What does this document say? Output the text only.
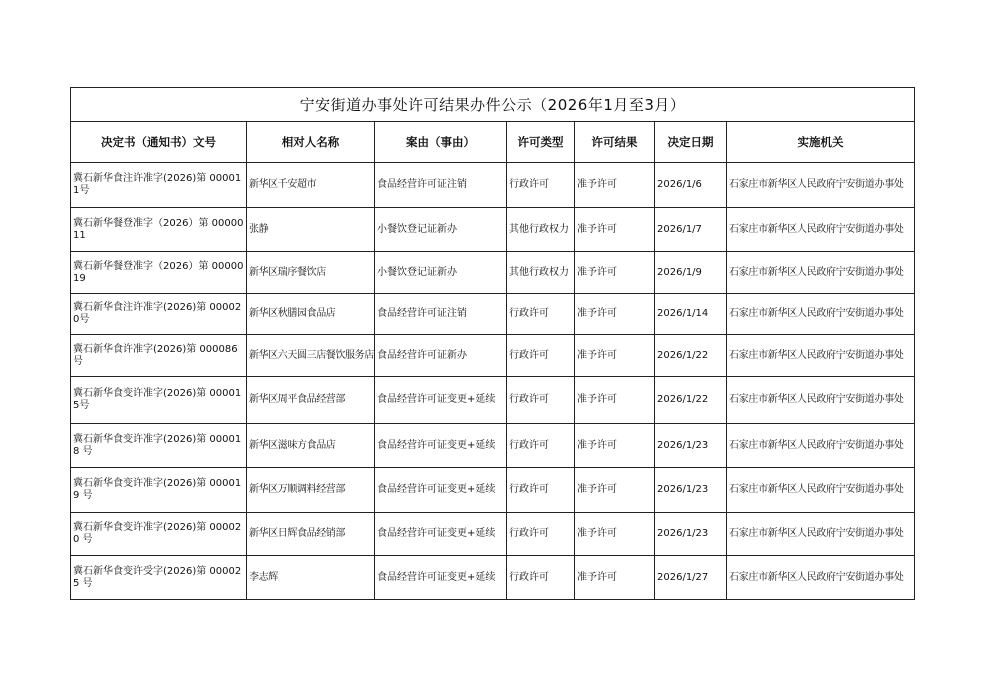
宁安街道办事处许可结果办件公示（2026年1月至3月）						
决定书（通知书）文号	相对人名称	案由（事由）	许可类型	许可结果	决定日期	实施机关
冀石新华食注许准字(2026)第 000011号	新华区千安超市	食品经营许可证注销	行政许可	准予许可	2026/1/6	石家庄市新华区人民政府宁安街道办事处
冀石新华餐登准字（2026）第 0000011	张静	小餐饮登记证新办	其他行政权力	准予许可	2026/1/7	石家庄市新华区人民政府宁安街道办事处
冀石新华餐登准字（2026）第 0000019	新华区瑞序餐饮店	小餐饮登记证新办	其他行政权力	准予许可	2026/1/9	石家庄市新华区人民政府宁安街道办事处
冀石新华食注许准字(2026)第 000020号	新华区秋膳园食品店	食品经营许可证注销	行政许可	准予许可	2026/1/14	石家庄市新华区人民政府宁安街道办事处
冀石新华食许准字(2026)第 000086 号	新华区六天圆三店餐饮服务店	食品经营许可证新办	行政许可	准予许可	2026/1/22	石家庄市新华区人民政府宁安街道办事处
冀石新华食变许准字(2026)第 000015号	新华区周平食品经营部	食品经营许可证变更+延续	行政许可	准予许可	2026/1/22	石家庄市新华区人民政府宁安街道办事处
冀石新华食变许准字(2026)第 000018 号	新华区滋味方食品店	食品经营许可证变更+延续	行政许可	准予许可	2026/1/23	石家庄市新华区人民政府宁安街道办事处
冀石新华食变许准字(2026)第 000019 号	新华区万顺调料经营部	食品经营许可证变更+延续	行政许可	准予许可	2026/1/23	石家庄市新华区人民政府宁安街道办事处
冀石新华食变许准字(2026)第 000020 号	新华区日辉食品经销部	食品经营许可证变更+延续	行政许可	准予许可	2026/1/23	石家庄市新华区人民政府宁安街道办事处
冀石新华食变许受字(2026)第 000025 号	李志辉	食品经营许可证变更+延续	行政许可	准予许可	2026/1/27	石家庄市新华区人民政府宁安街道办事处
